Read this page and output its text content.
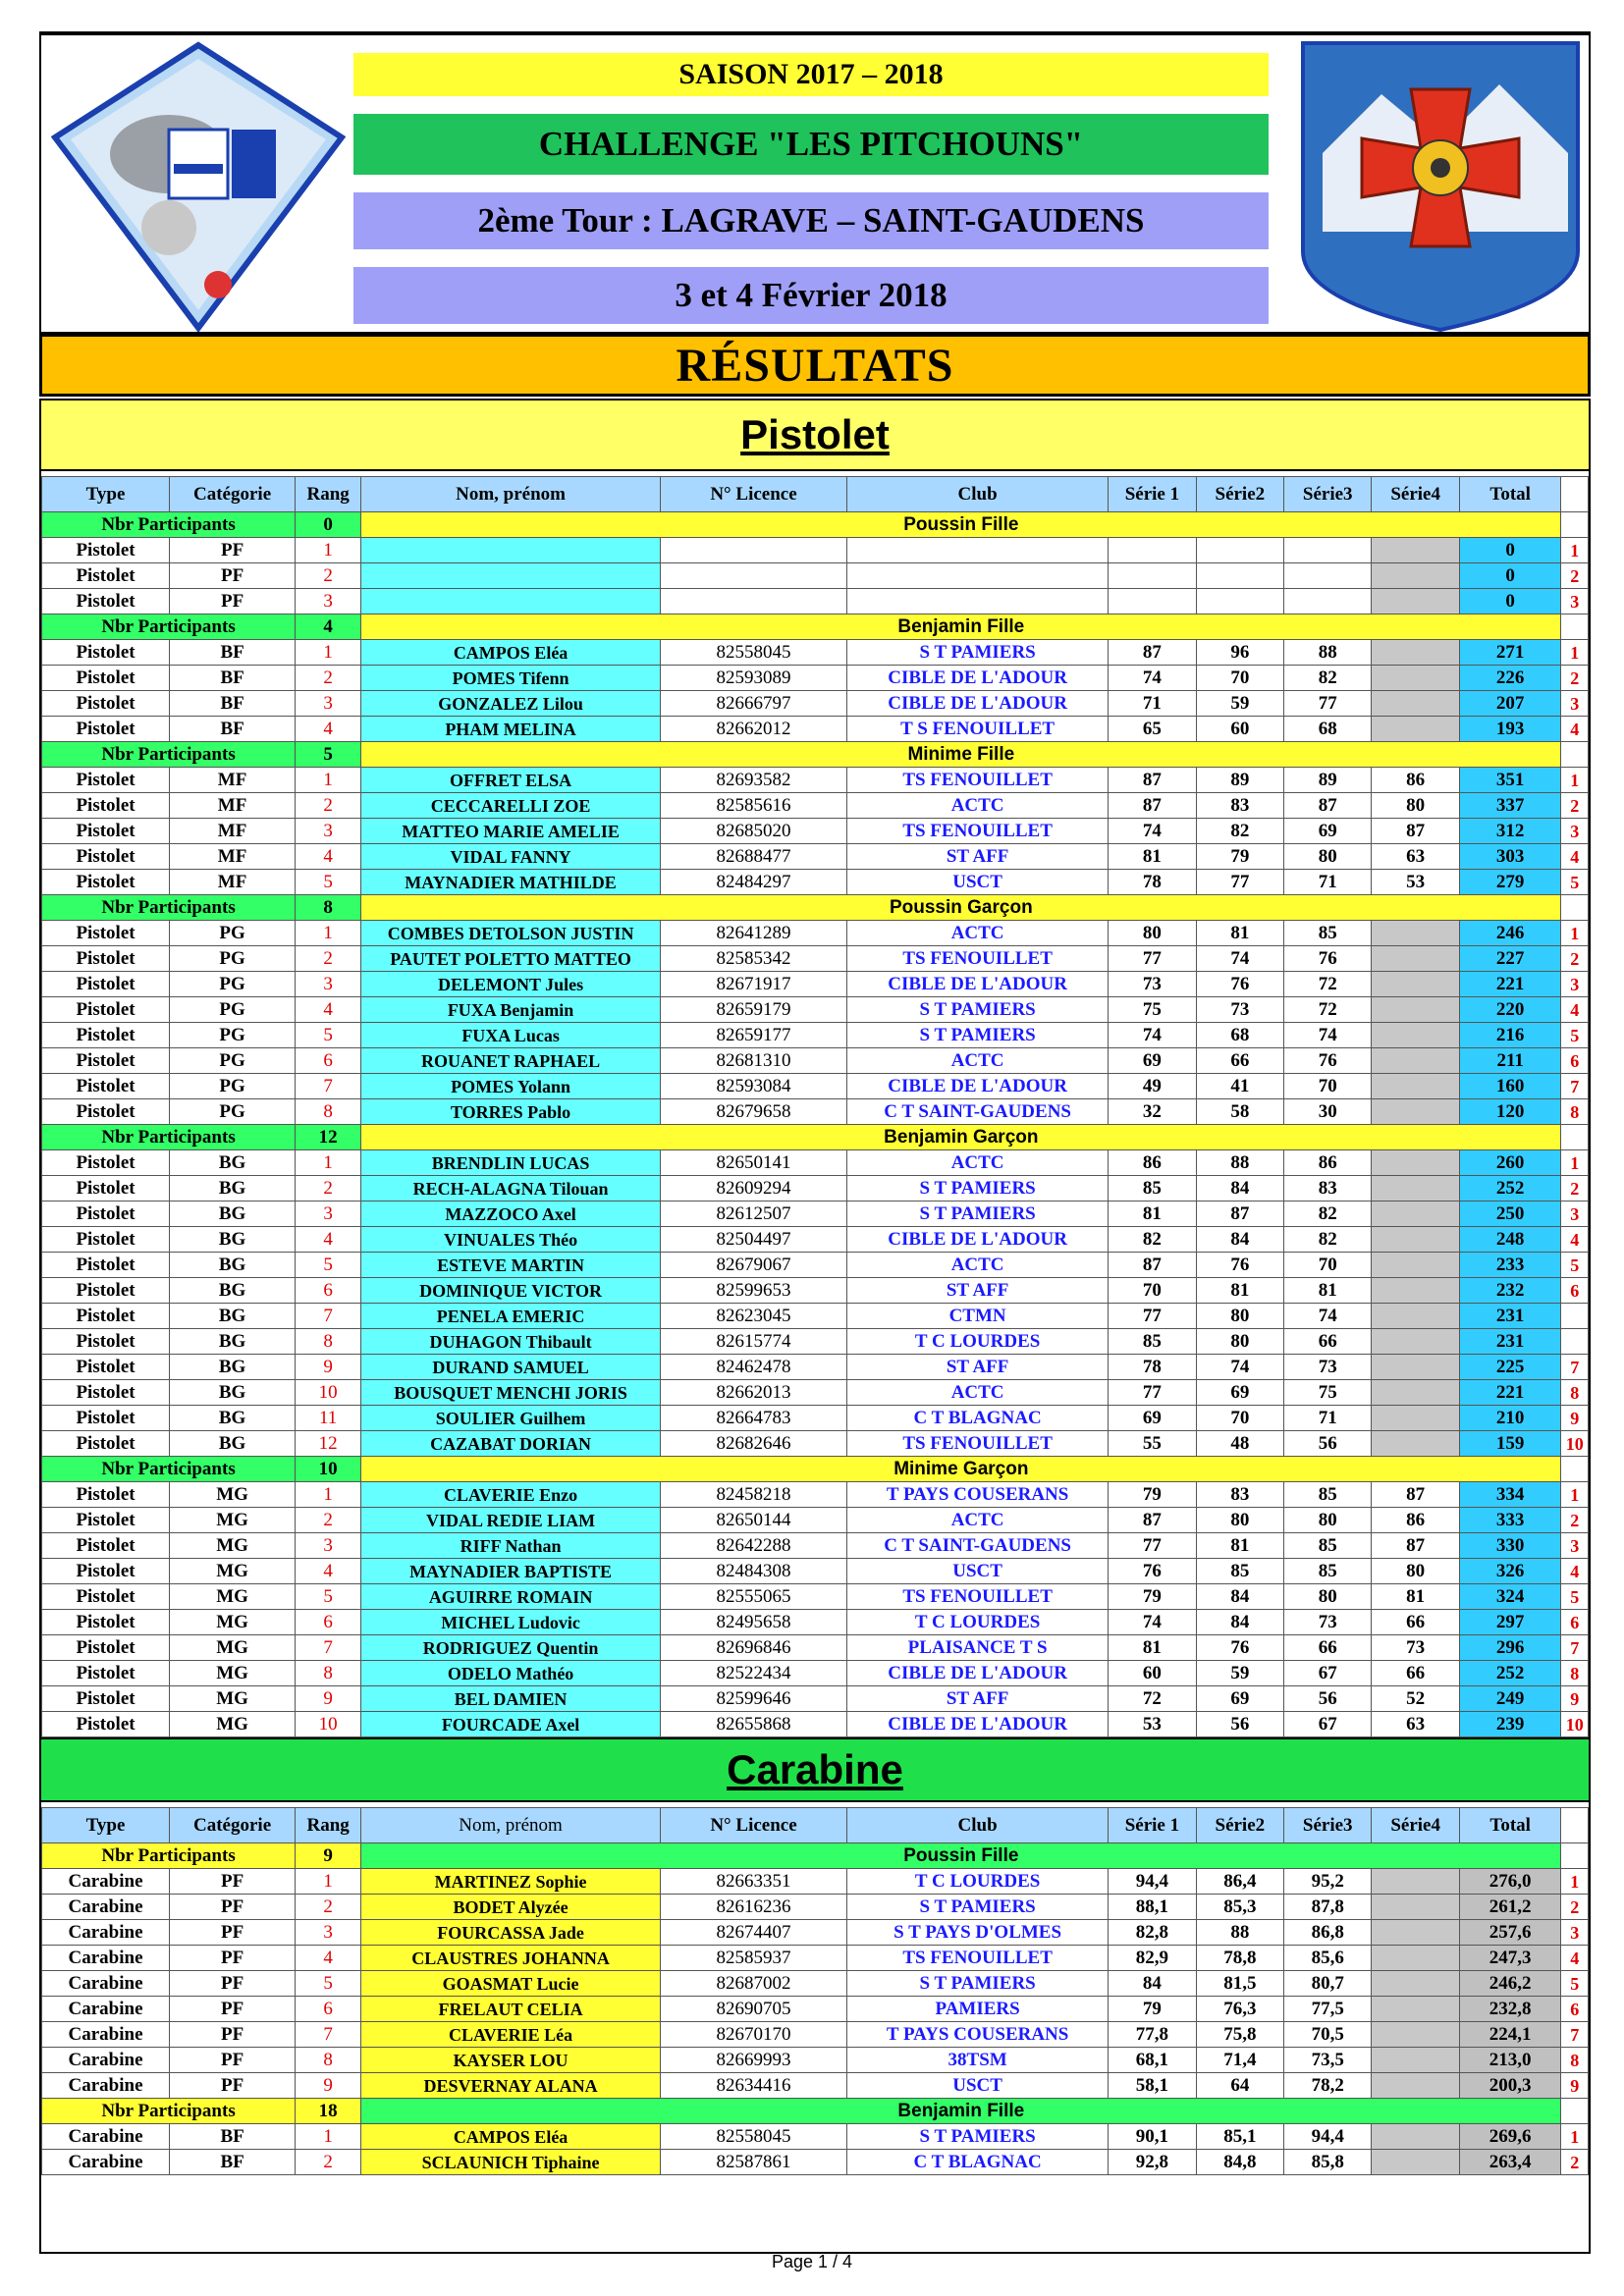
SAISON 2017 – 2018
CHALLENGE "LES PITCHOUNS"
2ème Tour : LAGRAVE – SAINT-GAUDENS
3 et 4 Février 2018
RÉSULTATS
Pistolet
Type	Catégorie	Rang	Nom, prénom	N° Licence	Club	Série 1	Série2	Série3	Série4	Total	
Nbr Participants		0	Poussin Fille								
Pistolet	PF	1								0	1
Pistolet	PF	2								0	2
Pistolet	PF	3								0	3
Nbr Participants		4	Benjamin Fille								
Pistolet	BF	1	CAMPOS Eléa	82558045	S T PAMIERS	87	96	88		271	1
Pistolet	BF	2	POMES Tifenn	82593089	CIBLE DE L'ADOUR	74	70	82		226	2
Pistolet	BF	3	GONZALEZ Lilou	82666797	CIBLE DE L'ADOUR	71	59	77		207	3
Pistolet	BF	4	PHAM MELINA	82662012	T S FENOUILLET	65	60	68		193	4
Nbr Participants		5	Minime Fille								
Pistolet	MF	1	OFFRET ELSA	82693582	TS FENOUILLET	87	89	89	86	351	1
Pistolet	MF	2	CECCARELLI ZOE	82585616	ACTC	87	83	87	80	337	2
Pistolet	MF	3	MATTEO MARIE AMELIE	82685020	TS FENOUILLET	74	82	69	87	312	3
Pistolet	MF	4	VIDAL FANNY	82688477	ST AFF	81	79	80	63	303	4
Pistolet	MF	5	MAYNADIER MATHILDE	82484297	USCT	78	77	71	53	279	5
Nbr Participants		8	Poussin Garçon								
Pistolet	PG	1	COMBES DETOLSON JUSTIN	82641289	ACTC	80	81	85		246	1
Pistolet	PG	2	PAUTET POLETTO MATTEO	82585342	TS FENOUILLET	77	74	76		227	2
Pistolet	PG	3	DELEMONT Jules	82671917	CIBLE DE L'ADOUR	73	76	72		221	3
Pistolet	PG	4	FUXA Benjamin	82659179	S T PAMIERS	75	73	72		220	4
Pistolet	PG	5	FUXA Lucas	82659177	S T PAMIERS	74	68	74		216	5
Pistolet	PG	6	ROUANET RAPHAEL	82681310	ACTC	69	66	76		211	6
Pistolet	PG	7	POMES Yolann	82593084	CIBLE DE L'ADOUR	49	41	70		160	7
Pistolet	PG	8	TORRES Pablo	82679658	C T SAINT-GAUDENS	32	58	30		120	8
Nbr Participants		12	Benjamin Garçon								
Pistolet	BG	1	BRENDLIN LUCAS	82650141	ACTC	86	88	86		260	1
Pistolet	BG	2	RECH-ALAGNA Tilouan	82609294	S T PAMIERS	85	84	83		252	2
Pistolet	BG	3	MAZZOCO Axel	82612507	S T PAMIERS	81	87	82		250	3
Pistolet	BG	4	VINUALES Théo	82504497	CIBLE DE L'ADOUR	82	84	82		248	4
Pistolet	BG	5	ESTEVE MARTIN	82679067	ACTC	87	76	70		233	5
Pistolet	BG	6	DOMINIQUE VICTOR	82599653	ST AFF	70	81	81		232	6
Pistolet	BG	7	PENELA EMERIC	82623045	CTMN	77	80	74		231	
Pistolet	BG	8	DUHAGON Thibault	82615774	T C LOURDES	85	80	66		231	
Pistolet	BG	9	DURAND SAMUEL	82462478	ST AFF	78	74	73		225	7
Pistolet	BG	10	BOUSQUET MENCHI JORIS	82662013	ACTC	77	69	75		221	8
Pistolet	BG	11	SOULIER Guilhem	82664783	C T BLAGNAC	69	70	71		210	9
Pistolet	BG	12	CAZABAT DORIAN	82682646	TS FENOUILLET	55	48	56		159	10
Nbr Participants		10	Minime Garçon								
Pistolet	MG	1	CLAVERIE Enzo	82458218	T PAYS COUSERANS	79	83	85	87	334	1
Pistolet	MG	2	VIDAL REDIE LIAM	82650144	ACTC	87	80	80	86	333	2
Pistolet	MG	3	RIFF Nathan	82642288	C T SAINT-GAUDENS	77	81	85	87	330	3
Pistolet	MG	4	MAYNADIER BAPTISTE	82484308	USCT	76	85	85	80	326	4
Pistolet	MG	5	AGUIRRE ROMAIN	82555065	TS FENOUILLET	79	84	80	81	324	5
Pistolet	MG	6	MICHEL Ludovic	82495658	T C LOURDES	74	84	73	66	297	6
Pistolet	MG	7	RODRIGUEZ Quentin	82696846	PLAISANCE T S	81	76	66	73	296	7
Pistolet	MG	8	ODELO Mathéo	82522434	CIBLE DE L'ADOUR	60	59	67	66	252	8
Pistolet	MG	9	BEL DAMIEN	82599646	ST AFF	72	69	56	52	249	9
Pistolet	MG	10	FOURCADE Axel	82655868	CIBLE DE L'ADOUR	53	56	67	63	239	10
Carabine
Type	Catégorie	Rang	Nom, prénom	N° Licence	Club	Série 1	Série2	Série3	Série4	Total	
Nbr Participants		9	Poussin Fille								
Carabine	PF	1	MARTINEZ Sophie	82663351	T C LOURDES	94,4	86,4	95,2		276,0	1
Carabine	PF	2	BODET Alyzée	82616236	S T PAMIERS	88,1	85,3	87,8		261,2	2
Carabine	PF	3	FOURCASSA Jade	82674407	S T PAYS D'OLMES	82,8	88	86,8		257,6	3
Carabine	PF	4	CLAUSTRES JOHANNA	82585937	TS FENOUILLET	82,9	78,8	85,6		247,3	4
Carabine	PF	5	GOASMAT Lucie	82687002	S T PAMIERS	84	81,5	80,7		246,2	5
Carabine	PF	6	FRELAUT CELIA	82690705	PAMIERS	79	76,3	77,5		232,8	6
Carabine	PF	7	CLAVERIE Léa	82670170	T PAYS COUSERANS	77,8	75,8	70,5		224,1	7
Carabine	PF	8	KAYSER LOU	82669993	38TSM	68,1	71,4	73,5		213,0	8
Carabine	PF	9	DESVERNAY ALANA	82634416	USCT	58,1	64	78,2		200,3	9
Nbr Participants		18	Benjamin Fille								
Carabine	BF	1	CAMPOS Eléa	82558045	S T PAMIERS	90,1	85,1	94,4		269,6	1
Carabine	BF	2	SCLAUNICH Tiphaine	82587861	C T BLAGNAC	92,8	84,8	85,8		263,4	2
Page 1 / 4
